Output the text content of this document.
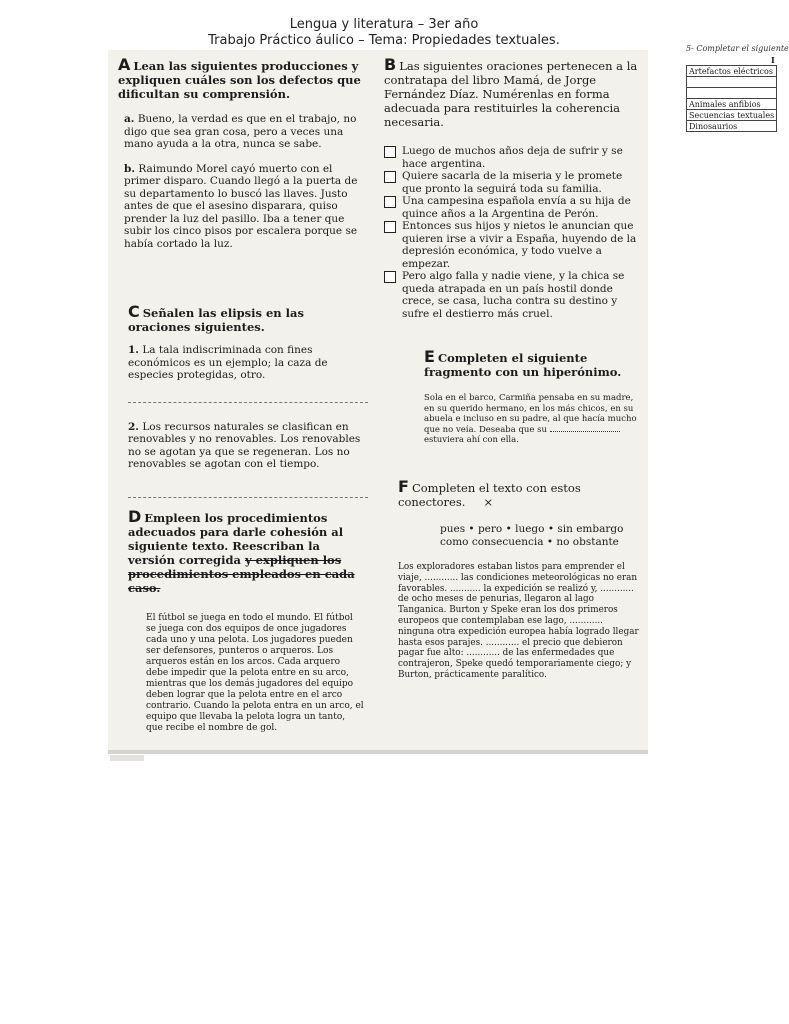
Lengua y literatura – 3er año
Trabajo Práctico áulico – Tema: Propiedades textuales.

A Lean las siguientes producciones y expliquen cuáles son los defectos que dificultan su comprensión.

a. Bueno, la verdad es que en el trabajo, no digo que sea gran cosa, pero a veces una mano ayuda a la otra, nunca se sabe.
b. Raimundo Morel cayó muerto con el primer disparo. Cuando llegó a la puerta de su departamento lo buscó las llaves. Justo antes de que el asesino disparara, quiso prender la luz del pasillo. Iba a tener que subir los cinco pisos por escalera porque se había cortado la luz.

C Señalen las elipsis en las oraciones siguientes.

1. La tala indiscriminada con fines económicos es un ejemplo; la caza de especies protegidas, otro.
2. Los recursos naturales se clasifican en renovables y no renovables. Los renovables no se agotan ya que se regeneran. Los no renovables se agotan con el tiempo.

D Empleen los procedimientos adecuados para darle cohesión al siguiente texto. Reescriban la versión corregida y expliquen los procedimientos empleados en cada caso.

El fútbol se juega en todo el mundo. El fútbol se juega con dos equipos de once jugadores cada uno y una pelota. Los jugadores pueden ser defensores, punteros o arqueros. Los arqueros están en los arcos. Cada arquero debe impedir que la pelota entre en su arco, mientras que los demás jugadores del equipo deben lograr que la pelota entre en el arco contrario. Cuando la pelota entra en un arco, el equipo que llevaba la pelota logra un tanto, que recibe el nombre de gol.

B Las siguientes oraciones pertenecen a la contratapa del libro Mamá, de Jorge Fernández Díaz. Numérenlas en forma adecuada para restituirles la coherencia necesaria.

Luego de muchos años deja de sufrir y se hace argentina.
Quiere sacarla de la miseria y le promete que pronto la seguirá toda su familia.
Una campesina española envía a su hija de quince años a la Argentina de Perón.
Entonces sus hijos y nietos le anuncian que quieren irse a vivir a España, huyendo de la depresión económica, y todo vuelve a empezar.
Pero algo falla y nadie viene, y la chica se queda atrapada en un país hostil donde crece, se casa, lucha contra su destino y sufre el destierro más cruel.

E Completen el siguiente fragmento con un hiperónimo.

Sola en el barco, Carmiña pensaba en su madre, en su querido hermano, en los más chicos, en su abuela e incluso en su padre, al que hacía mucho que no veía. Deseaba que su  estuviera ahí con ella.

F Completen el texto con estos conectores. ×

pues • pero • luego • sin embargo
como consecuencia • no obstante
Los exploradores estaban listos para emprender el viaje, ............ las condiciones meteorológicas no eran favorables. ........... la expedición se realizó y, ............ de ocho meses de penurias, llegaron al lago Tanganica. Burton y Speke eran los dos primeros europeos que contemplaban ese lago, ............ ninguna otra expedición europea había logrado llegar hasta esos parajes. ............ el precio que debieron pagar fue alto: ............ de las enfermedades que contrajeron, Speke quedó temporariamente ciego; y Burton, prácticamente paralítico.
5- Completar el siguiente
I
Artefactos eléctricos

Animales anfibios
Secuencias textuales
Dinosaurios
